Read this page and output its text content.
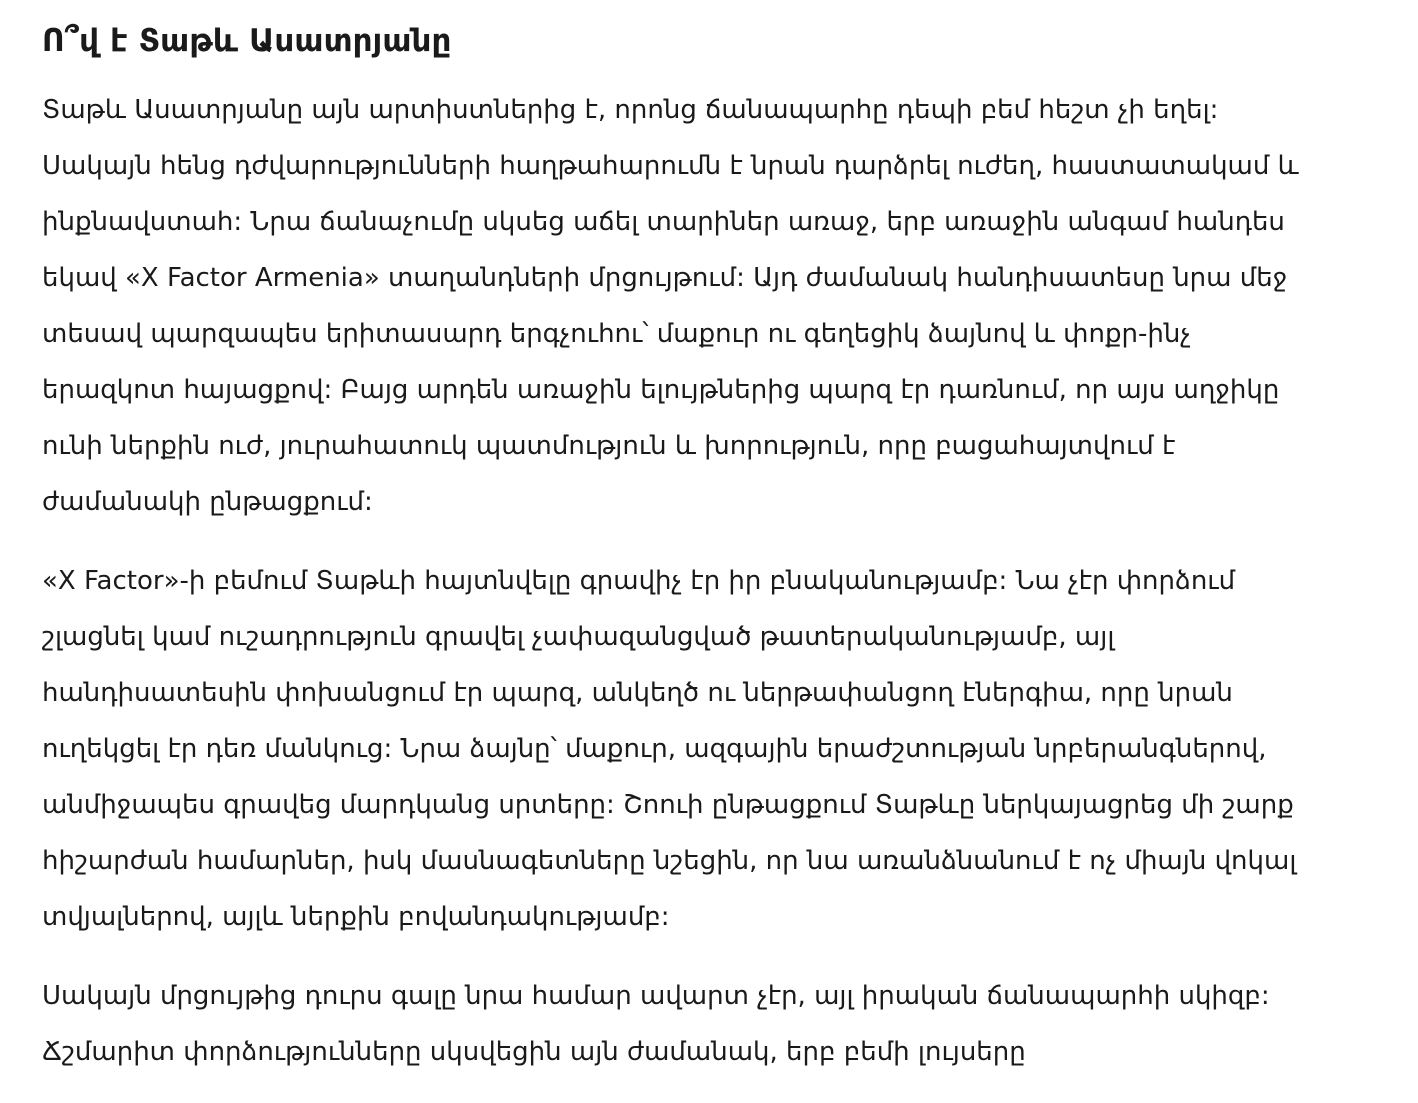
Ո՞վ է Տաթև Ասատրյանը

Տաթև Ասատրյանը այն արտիստներից է, որոնց ճանապարհը դեպի բեմ հեշտ չի եղել: Սակայն հենց դժվարությունների հաղթահարումն է նրան դարձրել ուժեղ, հաստատակամ և ինքնավստահ: Նրա ճանաչումը սկսեց աճել տարիներ առաջ, երբ առաջին անգամ հանդես եկավ «X Factor Armenia» տաղանդների մրցույթում: Այդ ժամանակ հանդիսատեսը նրա մեջ տեսավ պարզապես երիտասարդ երգչուհու՝ մաքուր ու գեղեցիկ ձայնով և փոքր-ինչ երազկոտ հայացքով: Բայց արդեն առաջին ելույթներից պարզ էր դառնում, որ այս աղջիկը ունի ներքին ուժ, յուրահատուկ պատմություն և խորություն, որը բացահայտվում է ժամանակի ընթացքում:

«X Factor»-ի բեմում Տաթևի հայտնվելը գրավիչ էր իր բնականությամբ: Նա չէր փորձում շլացնել կամ ուշադրություն գրավել չափազանցված թատերականությամբ, այլ հանդիսատեսին փոխանցում էր պարզ, անկեղծ ու ներթափանցող էներգիա, որը նրան ուղեկցել էր դեռ մանկուց: Նրա ձայնը՝ մաքուր, ազգային երաժշտության նրբերանգներով, անմիջապես գրավեց մարդկանց սրտերը: Շոուի ընթացքում Տաթևը ներկայացրեց մի շարք հիշարժան համարներ, իսկ մասնագետները նշեցին, որ նա առանձնանում է ոչ միայն վոկալ տվյալներով, այլև ներքին բովանդակությամբ:

Սակայն մրցույթից դուրս գալը նրա համար ավարտ չէր, այլ իրական ճանապարհի սկիզբ: Ճշմարիտ փորձությունները սկսվեցին այն ժամանակ, երբ բեմի լույսերը
